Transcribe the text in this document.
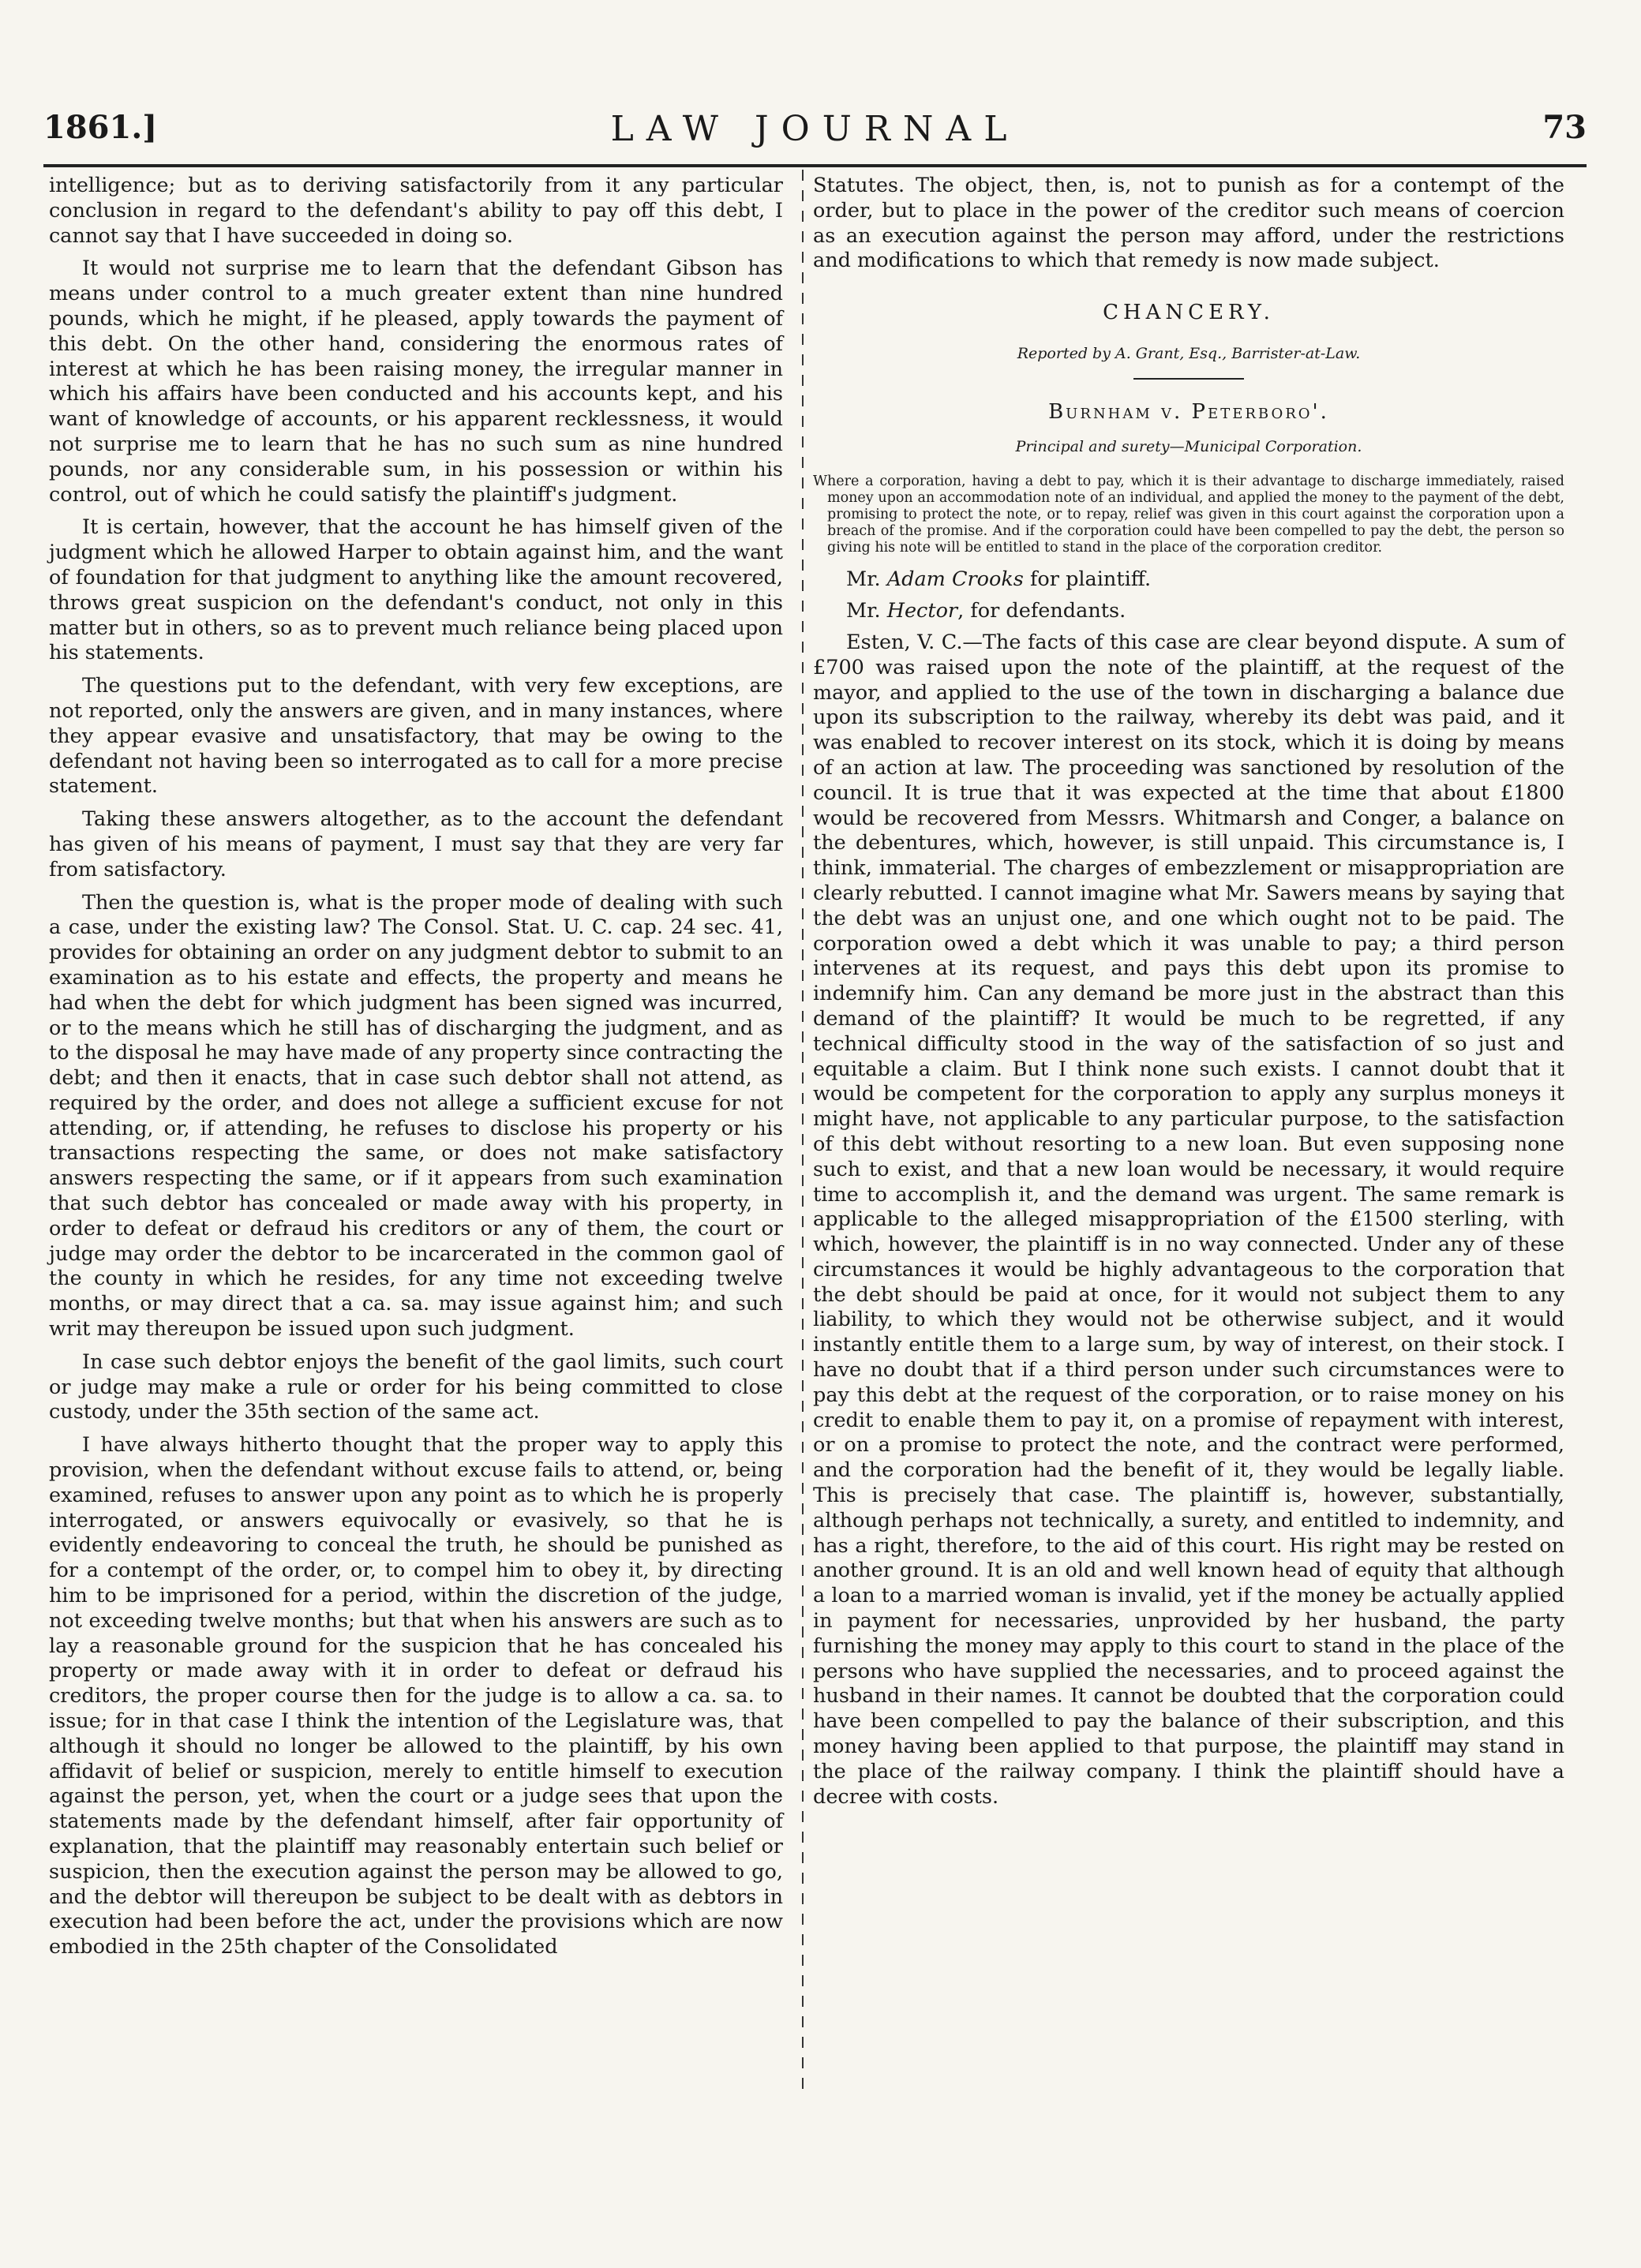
1861.]	LAW JOURNAL	73

intelligence; but as to deriving satisfactorily from it any particular conclusion in regard to the defendant's ability to pay off this debt, I cannot say that I have succeeded in doing so.

It would not surprise me to learn that the defendant Gibson has means under control to a much greater extent than nine hundred pounds, which he might, if he pleased, apply towards the payment of this debt. On the other hand, considering the enormous rates of interest at which he has been raising money, the irregular manner in which his affairs have been conducted and his accounts kept, and his want of knowledge of accounts, or his apparent recklessness, it would not surprise me to learn that he has no such sum as nine hundred pounds, nor any considerable sum, in his possession or within his control, out of which he could satisfy the plaintiff's judgment.

It is certain, however, that the account he has himself given of the judgment which he allowed Harper to obtain against him, and the want of foundation for that judgment to anything like the amount recovered, throws great suspicion on the defendant's conduct, not only in this matter but in others, so as to prevent much reliance being placed upon his statements.

The questions put to the defendant, with very few exceptions, are not reported, only the answers are given, and in many instances, where they appear evasive and unsatisfactory, that may be owing to the defendant not having been so interrogated as to call for a more precise statement.

Taking these answers altogether, as to the account the defendant has given of his means of payment, I must say that they are very far from satisfactory.

Then the question is, what is the proper mode of dealing with such a case, under the existing law? The Consol. Stat. U. C. cap. 24 sec. 41, provides for obtaining an order on any judgment debtor to submit to an examination as to his estate and effects, the property and means he had when the debt for which judgment has been signed was incurred, or to the means which he still has of discharging the judgment, and as to the disposal he may have made of any property since contracting the debt; and then it enacts, that in case such debtor shall not attend, as required by the order, and does not allege a sufficient excuse for not attending, or, if attending, he refuses to disclose his property or his transactions respecting the same, or does not make satisfactory answers respecting the same, or if it appears from such examination that such debtor has concealed or made away with his property, in order to defeat or defraud his creditors or any of them, the court or judge may order the debtor to be incarcerated in the common gaol of the county in which he resides, for any time not exceeding twelve months, or may direct that a ca. sa. may issue against him; and such writ may thereupon be issued upon such judgment.

In case such debtor enjoys the benefit of the gaol limits, such court or judge may make a rule or order for his being committed to close custody, under the 35th section of the same act.

I have always hitherto thought that the proper way to apply this provision, when the defendant without excuse fails to attend, or, being examined, refuses to answer upon any point as to which he is properly interrogated, or answers equivocally or evasively, so that he is evidently endeavoring to conceal the truth, he should be punished as for a contempt of the order, or, to compel him to obey it, by directing him to be imprisoned for a period, within the discretion of the judge, not exceeding twelve months; but that when his answers are such as to lay a reasonable ground for the suspicion that he has concealed his property or made away with it in order to defeat or defraud his creditors, the proper course then for the judge is to allow a ca. sa. to issue; for in that case I think the intention of the Legislature was, that although it should no longer be allowed to the plaintiff, by his own affidavit of belief or suspicion, merely to entitle himself to execution against the person, yet, when the court or a judge sees that upon the statements made by the defendant himself, after fair opportunity of explanation, that the plaintiff may reasonably entertain such belief or suspicion, then the execution against the person may be allowed to go, and the debtor will thereupon be subject to be dealt with as debtors in execution had been before the act, under the provisions which are now embodied in the 25th chapter of the Consolidated

Statutes. The object, then, is, not to punish as for a contempt of the order, but to place in the power of the creditor such means of coercion as an execution against the person may afford, under the restrictions and modifications to which that remedy is now made subject.

CHANCERY.
Reported by A. Grant, Esq., Barrister-at-Law.
Burnham v. Peterboro'.
Principal and surety—Municipal Corporation.
Where a corporation, having a debt to pay, which it is their advantage to discharge immediately, raised money upon an accommodation note of an individual, and applied the money to the payment of the debt, promising to protect the note, or to repay, relief was given in this court against the corporation upon a breach of the promise. And if the corporation could have been compelled to pay the debt, the person so giving his note will be entitled to stand in the place of the corporation creditor.
Mr. Adam Crooks for plaintiff.
Mr. Hector, for defendants.

Esten, V. C.—The facts of this case are clear beyond dispute. A sum of £700 was raised upon the note of the plaintiff, at the request of the mayor, and applied to the use of the town in discharging a balance due upon its subscription to the railway, whereby its debt was paid, and it was enabled to recover interest on its stock, which it is doing by means of an action at law. The proceeding was sanctioned by resolution of the council. It is true that it was expected at the time that about £1800 would be recovered from Messrs. Whitmarsh and Conger, a balance on the debentures, which, however, is still unpaid. This circumstance is, I think, immaterial. The charges of embezzlement or misappropriation are clearly rebutted. I cannot imagine what Mr. Sawers means by saying that the debt was an unjust one, and one which ought not to be paid. The corporation owed a debt which it was unable to pay; a third person intervenes at its request, and pays this debt upon its promise to indemnify him. Can any demand be more just in the abstract than this demand of the plaintiff? It would be much to be regretted, if any technical difficulty stood in the way of the satisfaction of so just and equitable a claim. But I think none such exists. I cannot doubt that it would be competent for the corporation to apply any surplus moneys it might have, not applicable to any particular purpose, to the satisfaction of this debt without resorting to a new loan. But even supposing none such to exist, and that a new loan would be necessary, it would require time to accomplish it, and the demand was urgent. The same remark is applicable to the alleged misappropriation of the £1500 sterling, with which, however, the plaintiff is in no way connected. Under any of these circumstances it would be highly advantageous to the corporation that the debt should be paid at once, for it would not subject them to any liability, to which they would not be otherwise subject, and it would instantly entitle them to a large sum, by way of interest, on their stock. I have no doubt that if a third person under such circumstances were to pay this debt at the request of the corporation, or to raise money on his credit to enable them to pay it, on a promise of repayment with interest, or on a promise to protect the note, and the contract were performed, and the corporation had the benefit of it, they would be legally liable. This is precisely that case. The plaintiff is, however, substantially, although perhaps not technically, a surety, and entitled to indemnity, and has a right, therefore, to the aid of this court. His right may be rested on another ground. It is an old and well known head of equity that although a loan to a married woman is invalid, yet if the money be actually applied in payment for necessaries, unprovided by her husband, the party furnishing the money may apply to this court to stand in the place of the persons who have supplied the necessaries, and to proceed against the husband in their names. It cannot be doubted that the corporation could have been compelled to pay the balance of their subscription, and this money having been applied to that purpose, the plaintiff may stand in the place of the railway company. I think the plaintiff should have a decree with costs.
